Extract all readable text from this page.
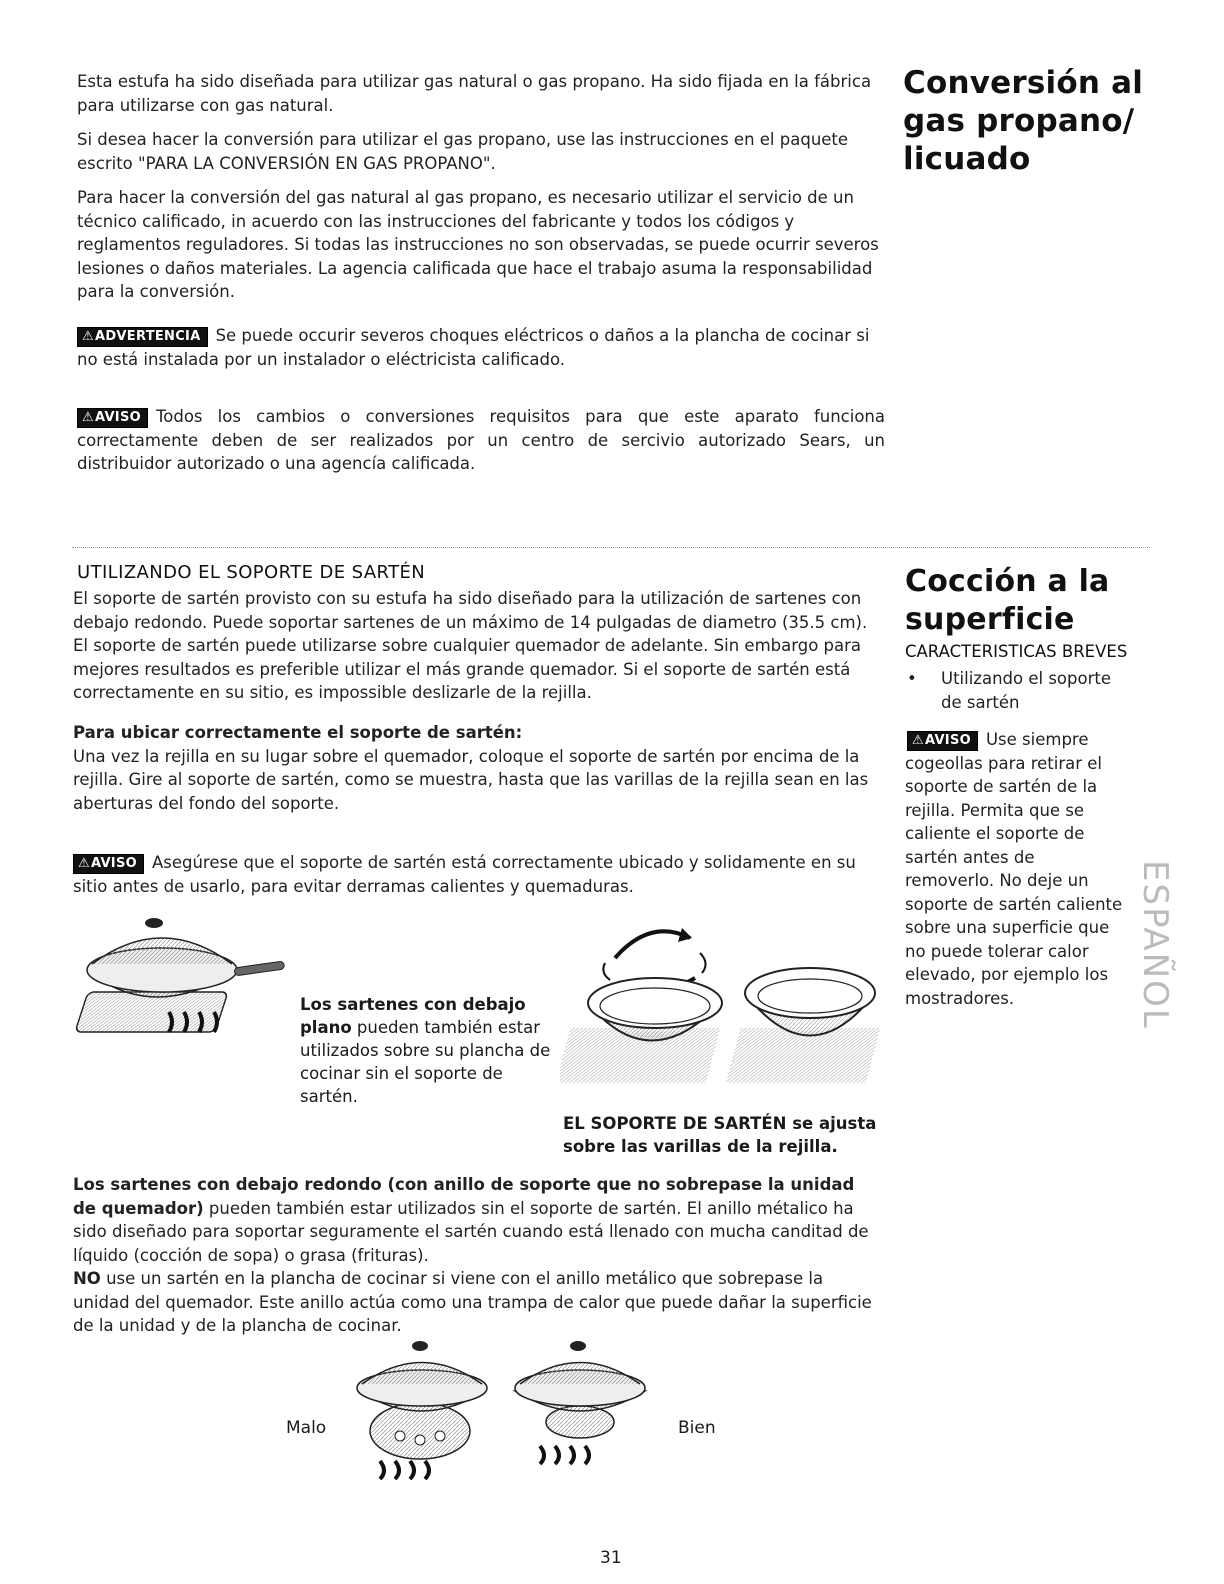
Conversión al
gas propano/
licuado

Esta estufa ha sido diseñada para utilizar gas natural o gas propano. Ha sido fijada en la fábrica para utilizarse con gas natural.

Si desea hacer la conversión para utilizar el gas propano, use las instrucciones en el paquete escrito "PARA LA CONVERSIÓN EN GAS PROPANO".

Para hacer la conversión del gas natural al gas propano, es necesario utilizar el servicio de un técnico calificado, in acuerdo con las instrucciones del fabricante y todos los códigos y reglamentos reguladores. Si todas las instrucciones no son observadas, se puede ocurrir severos lesiones o daños materiales. La agencia calificada que hace el trabajo asuma la responsabilidad para la conversión.

⚠ADVERTENCIA Se puede occurir severos choques eléctricos o daños a la plancha de cocinar si no está instalada por un instalador o eléctricista calificado.
⚠AVISO Todos los cambios o conversiones requisitos para que este aparato funciona correctamente deben de ser realizados por un centro de sercivio autorizado Sears, un distribuidor autorizado o una agencía calificada.
Cocción a la
superficie
CARACTERISTICAS BREVES
•	Utilizando el soporte de sartén
⚠AVISO Use siempre cogeollas para retirar el soporte de sartén de la rejilla. Permita que se caliente el soporte de sartén antes de removerlo. No deje un soporte de sartén caliente sobre una superficie que no puede tolerar calor elevado, por ejemplo los mostradores.	ESPAÑOL
UTILIZANDO EL SOPORTE DE SARTÉN

El soporte de sartén provisto con su estufa ha sido diseñado para la utilización de sartenes con debajo redondo. Puede soportar sartenes de un máximo de 14 pulgadas de diametro (35.5 cm).

El soporte de sartén puede utilizarse sobre cualquier quemador de adelante. Sin embargo para mejores resultados es preferible utilizar el más grande quemador. Si el soporte de sartén está correctamente en su sitio, es impossible deslizarle de la rejilla.

Para ubicar correctamente el soporte de sartén:

Una vez la rejilla en su lugar sobre el quemador, coloque el soporte de sartén por encima de la rejilla. Gire al soporte de sartén, como se muestra, hasta que las varillas de la rejilla sean en las aberturas del fondo del soporte.

⚠AVISO Asegúrese que el soporte de sartén está correctamente ubicado y solidamente en su sitio antes de usarlo, para evitar derramas calientes y quemaduras.
Los sartenes con debajo plano pueden también estar utilizados sobre su plancha de cocinar sin el soporte de sartén.
EL SOPORTE DE SARTÉN se ajusta sobre las varillas de la rejilla.

Los sartenes con debajo redondo (con anillo de soporte que no sobrepase la unidad de quemador) pueden también estar utilizados sin el soporte de sartén. El anillo métalico ha sido diseñado para soportar seguramente el sartén cuando está llenado con mucha canditad de líquido (cocción de sopa) o grasa (frituras).

NO use un sartén en la plancha de cocinar si viene con el anillo metálico que sobrepase la unidad del quemador. Este anillo actúa como una trampa de calor que puede dañar la superficie de la unidad y de la plancha de cocinar.

Malo	Bien
31
